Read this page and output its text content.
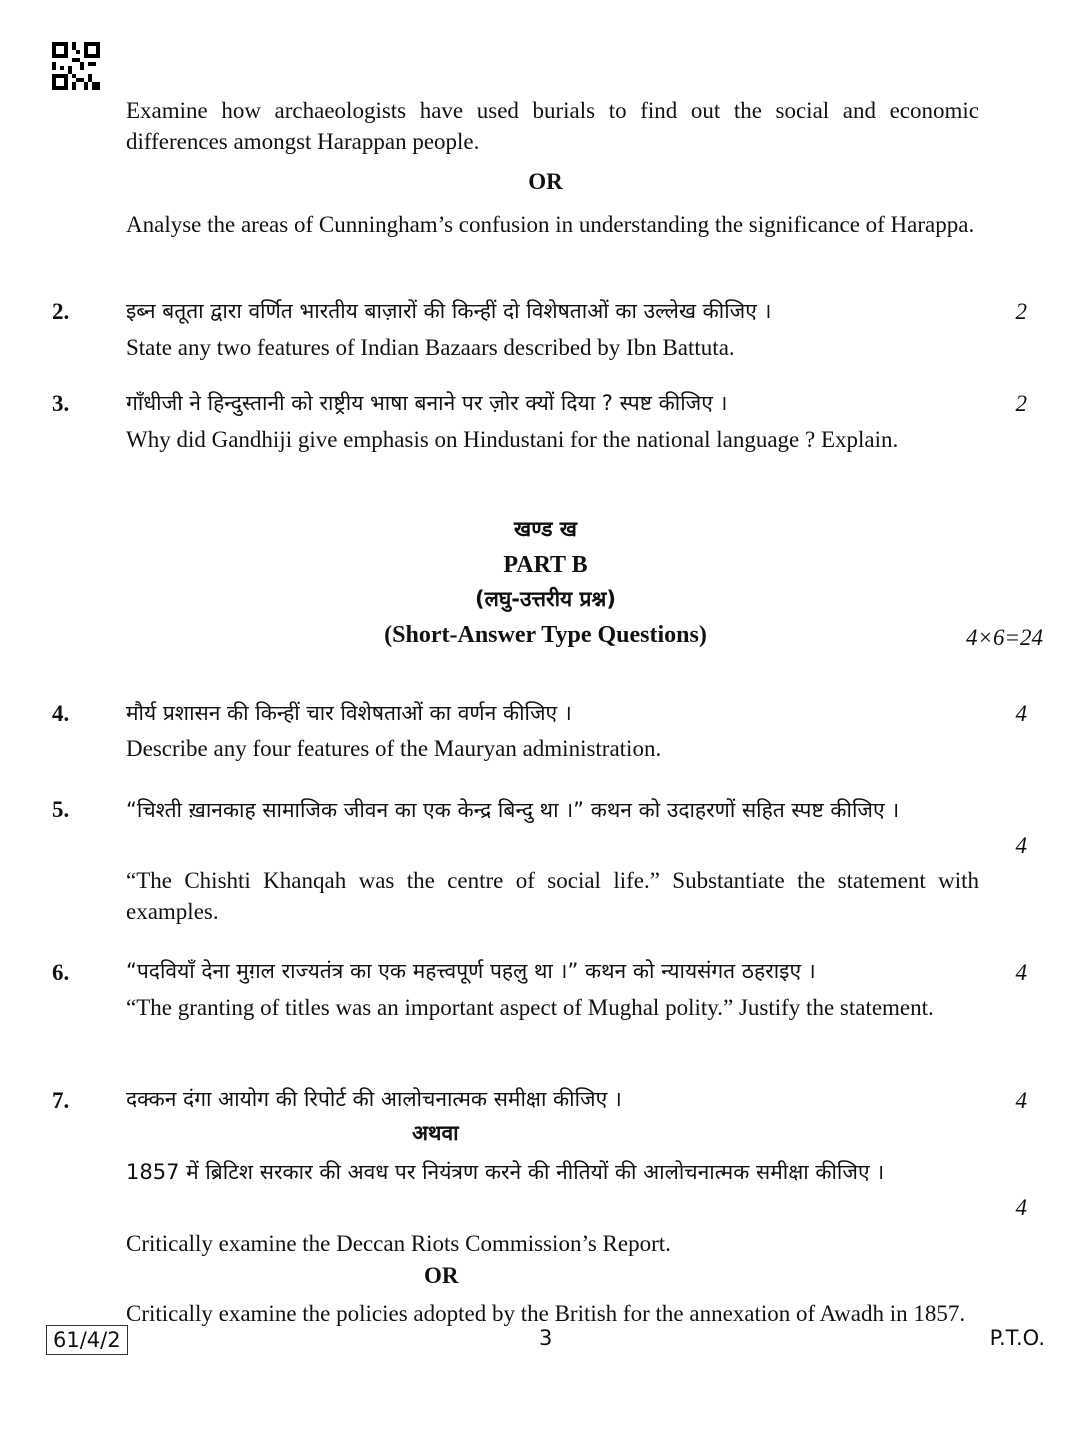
Examine how archaeologists have used burials to find out the social and economic differences amongst Harappan people.
OR
Analyse the areas of Cunningham’s confusion in understanding the significance of Harappa.
2.	इब्न बतूता द्वारा वर्णित भारतीय बाज़ारों की किन्हीं दो विशेषताओं का उल्लेख कीजिए ।	2
State any two features of Indian Bazaars described by Ibn Battuta.
3.	गाँधीजी ने हिन्दुस्तानी को राष्ट्रीय भाषा बनाने पर ज़ोर क्यों दिया ? स्पष्ट कीजिए ।	2
Why did Gandhiji give emphasis on Hindustani for the national language ? Explain.
खण्ड ख
PART B
(लघु-उत्तरीय प्रश्न)
(Short-Answer Type Questions)	4×6=24
4.	मौर्य प्रशासन की किन्हीं चार विशेषताओं का वर्णन कीजिए ।	4
Describe any four features of the Mauryan administration.
5.	“चिश्ती ख़ानकाह सामाजिक जीवन का एक केन्द्र बिन्दु था ।” कथन को उदाहरणों सहित स्पष्ट कीजिए ।
4
“The Chishti Khanqah was the centre of social life.” Substantiate the statement with examples.
6.	“पदवियाँ देना मुग़ल राज्यतंत्र का एक महत्त्वपूर्ण पहलु था ।” कथन को न्यायसंगत ठहराइए ।	4
“The granting of titles was an important aspect of Mughal polity.” Justify the statement.
7.	दक्कन दंगा आयोग की रिपोर्ट की आलोचनात्मक समीक्षा कीजिए ।	4
अथवा
1857 में ब्रिटिश सरकार की अवध पर नियंत्रण करने की नीतियों की आलोचनात्मक समीक्षा कीजिए ।
4
Critically examine the Deccan Riots Commission’s Report.
OR
Critically examine the policies adopted by the British for the annexation of Awadh in 1857.
61/4/2	3	P.T.O.
